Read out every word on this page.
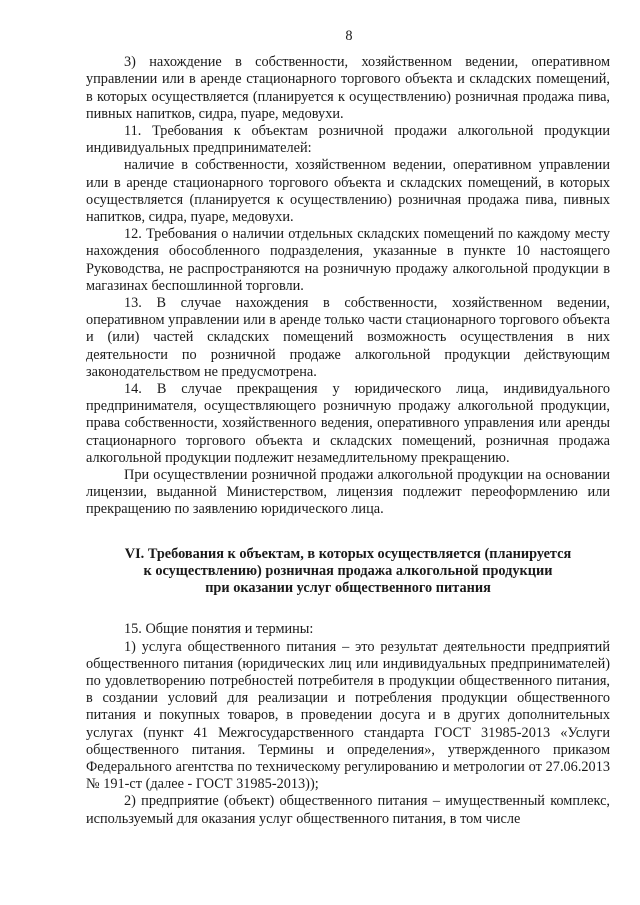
8

3) нахождение в собственности, хозяйственном ведении, оперативном управлении или в аренде стационарного торгового объекта и складских помещений, в которых осуществляется (планируется к осуществлению) розничная продажа пива, пивных напитков, сидра, пуаре, медовухи.

11. Требования к объектам розничной продажи алкогольной продукции индивидуальных предпринимателей:

наличие в собственности, хозяйственном ведении, оперативном управлении или в аренде стационарного торгового объекта и складских помещений, в которых осуществляется (планируется к осуществлению) розничная продажа пива, пивных напитков, сидра, пуаре, медовухи.

12. Требования о наличии отдельных складских помещений по каждому месту нахождения обособленного подразделения, указанные в пункте 10 настоящего Руководства, не распространяются на розничную продажу алкогольной продукции в магазинах беспошлинной торговли.

13. В случае нахождения в собственности, хозяйственном ведении, оперативном управлении или в аренде только части стационарного торгового объекта и (или) частей складских помещений возможность осуществления в них деятельности по розничной продаже алкогольной продукции действующим законодательством не предусмотрена.

14. В случае прекращения у юридического лица, индивидуального предпринимателя, осуществляющего розничную продажу алкогольной продукции, права собственности, хозяйственного ведения, оперативного управления или аренды стационарного торгового объекта и складских помещений, розничная продажа алкогольной продукции подлежит незамедлительному прекращению.

При осуществлении розничной продажи алкогольной продукции на основании лицензии, выданной Министерством, лицензия подлежит переоформлению или прекращению по заявлению юридического лица.

VI. Требования к объектам, в которых осуществляется (планируется
к осуществлению) розничная продажа алкогольной продукции
при оказании услуг общественного питания

15. Общие понятия и термины:

1) услуга общественного питания – это результат деятельности предприятий общественного питания (юридических лиц или индивидуальных предпринимателей) по удовлетворению потребностей потребителя в продукции общественного питания, в создании условий для реализации и потребления продукции общественного питания и покупных товаров, в проведении досуга и в других дополнительных услугах (пункт 41 Межгосударственного стандарта ГОСТ 31985-2013 «Услуги общественного питания. Термины и определения», утвержденного приказом Федерального агентства по техническому регулированию и метрологии от 27.06.2013 № 191-ст (далее - ГОСТ 31985-2013));

2) предприятие (объект) общественного питания – имущественный комплекс, используемый для оказания услуг общественного питания, в том числе
